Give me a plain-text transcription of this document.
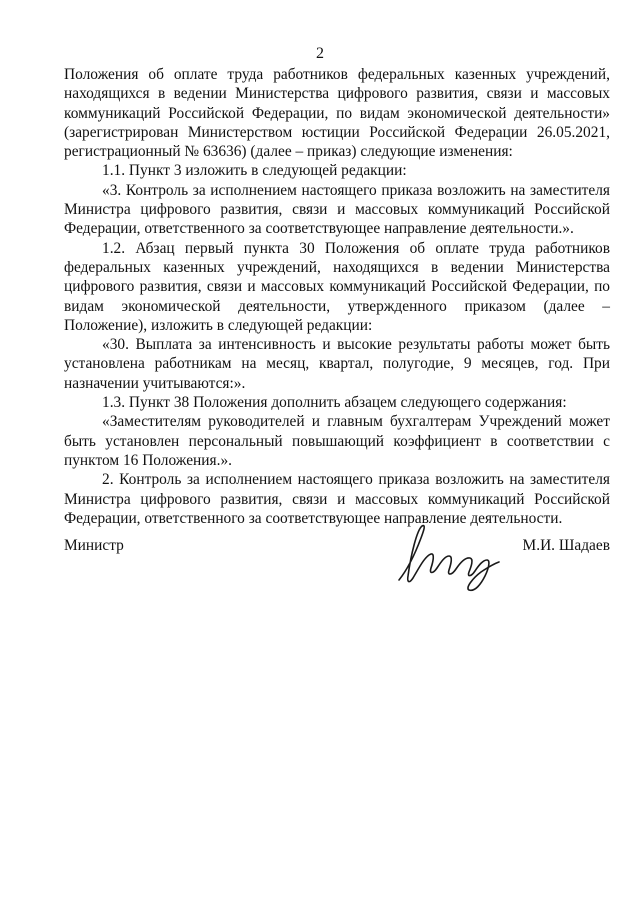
2

Положения об оплате труда работников федеральных казенных учреждений, находящихся в ведении Министерства цифрового развития, связи и массовых коммуникаций Российской Федерации, по видам экономической деятельности» (зарегистрирован Министерством юстиции Российской Федерации 26.05.2021, регистрационный № 63636) (далее – приказ) следующие изменения:

1.1. Пункт 3 изложить в следующей редакции:

«3. Контроль за исполнением настоящего приказа возложить на заместителя Министра цифрового развития, связи и массовых коммуникаций Российской Федерации, ответственного за соответствующее направление деятельности.».

1.2. Абзац первый пункта 30 Положения об оплате труда работников федеральных казенных учреждений, находящихся в ведении Министерства цифрового развития, связи и массовых коммуникаций Российской Федерации, по видам экономической деятельности, утвержденного приказом (далее – Положение), изложить в следующей редакции:

«30. Выплата за интенсивность и высокие результаты работы может быть установлена работникам на месяц, квартал, полугодие, 9 месяцев, год. При назначении учитываются:».

1.3. Пункт 38 Положения дополнить абзацем следующего содержания:

«Заместителям руководителей и главным бухгалтерам Учреждений может быть установлен персональный повышающий коэффициент в соответствии с пунктом 16 Положения.».

2. Контроль за исполнением настоящего приказа возложить на заместителя Министра цифрового развития, связи и массовых коммуникаций Российской Федерации, ответственного за соответствующее направление деятельности.

Министр	М.И. Шадаев
